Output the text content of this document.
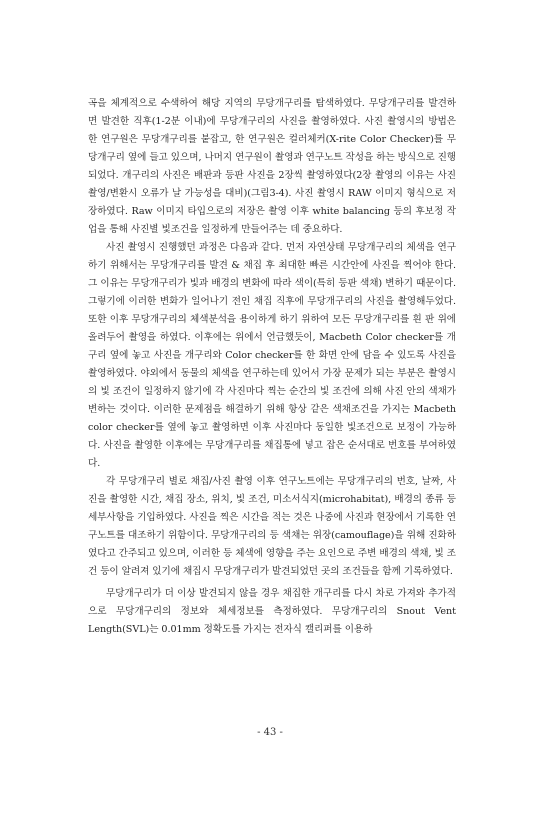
곡을 체계적으로 수색하여 해당 지역의 무당개구리를 탐색하였다. 무당개구리를 발견하면 발견한 직후(1-2분 이내)에 무당개구리의 사진을 촬영하였다. 사진 촬영시의 방법은 한 연구원은 무당개구리를 붙잡고, 한 연구원은 컬러체커(X-rite Color Checker)를 무당개구리 옆에 들고 있으며, 나머지 연구원이 촬영과 연구노트 작성을 하는 방식으로 진행되었다. 개구리의 사진은 배판과 등판 사진을 2장씩 촬영하였다(2장 촬영의 이유는 사진촬영/변환시 오류가 날 가능성을 대비)(그림3-4). 사진 촬영시 RAW 이미지 형식으로 저장하였다. Raw 이미지 타입으로의 저장은 촬영 이후 white balancing 등의 후보정 작업을 통해 사진별 빛조건을 일정하게 만들어주는 데 중요하다.

사진 촬영시 진행했던 과정은 다음과 같다. 먼저 자연상태 무당개구리의 체색을 연구하기 위해서는 무당개구리를 발견 & 채집 후 최대한 빠른 시간안에 사진을 찍어야 한다. 그 이유는 무당개구리가 빛과 배경의 변화에 따라 색이(특히 등판 색채) 변하기 때문이다. 그렇기에 이러한 변화가 일어나기 전인 채집 직후에 무당개구리의 사진을 촬영해두었다. 또한 이후 무당개구리의 체색분석을 용이하게 하기 위하여 모든 무당개구리를 흰 판 위에 올려두어 촬영을 하였다. 이후에는 위에서 언급했듯이, Macbeth Color checker를 개구리 옆에 놓고 사진을 개구리와 Color checker를 한 화면 안에 담을 수 있도록 사진을 촬영하였다. 야외에서 동물의 체색을 연구하는데 있어서 가장 문제가 되는 부분은 촬영시의 빛 조건이 일정하지 않기에 각 사진마다 찍는 순간의 빛 조건에 의해 사진 안의 색채가 변하는 것이다. 이러한 문제점을 해결하기 위해 항상 같은 색채조건을 가지는 Macbeth color checker를 옆에 놓고 촬영하면 이후 사진마다 동일한 빛조건으로 보정이 가능하다. 사진을 촬영한 이후에는 무당개구리를 채집통에 넣고 잡은 순서대로 번호를 부여하였다.

각 무당개구리 별로 채집/사진 촬영 이후 연구노트에는 무당개구리의 번호, 날짜, 사진을 촬영한 시간, 채집 장소, 위치, 빛 조건, 미소서식지(microhabitat), 배경의 종류 등 세부사항을 기입하였다. 사진을 찍은 시간을 적는 것은 나중에 사진과 현장에서 기록한 연구노트를 대조하기 위함이다. 무당개구리의 등 색채는 위장(camouflage)을 위해 진화하였다고 간주되고 있으며, 이러한 등 체색에 영향을 주는 요인으로 주변 배경의 색채, 빛 조건 등이 알려져 있기에 채집시 무당개구리가 발견되었던 곳의 조건들을 함께 기록하였다.

무당개구리가 더 이상 발견되지 않을 경우 채집한 개구리를 다시 차로 가져와 추가적으로 무당개구리의 정보와 체세정보를 측정하였다. 무당개구리의 Snout Vent Length(SVL)는 0.01mm 정확도를 가지는 전자식 캘리퍼를 이용하

- 43 -
